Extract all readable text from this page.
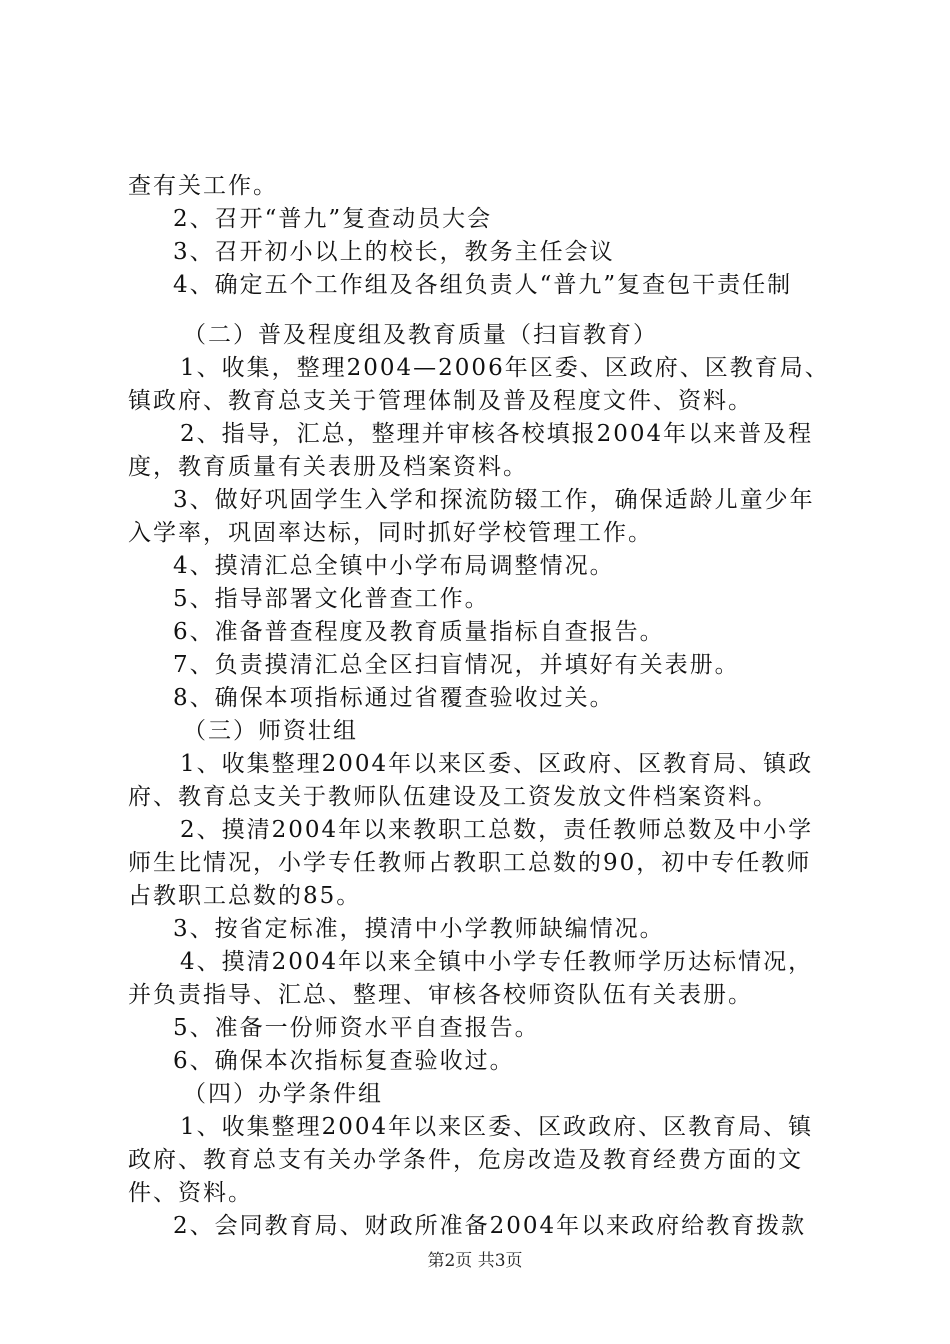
查有关工作。

2、召开“普九”复查动员大会

3、召开初小以上的校长，教务主任会议

4、确定五个工作组及各组负责人“普九”复查包干责任制

（二）普及程度组及教育质量（扫盲教育）

1、收集，整理2004—2006年区委、区政府、区教育局、

镇政府、教育总支关于管理体制及普及程度文件、资料。

2、指导，汇总，整理并审核各校填报2004年以来普及程

度，教育质量有关表册及档案资料。

3、做好巩固学生入学和探流防辍工作，确保适龄儿童少年

入学率，巩固率达标，同时抓好学校管理工作。

4、摸清汇总全镇中小学布局调整情况。

5、指导部署文化普查工作。

6、准备普查程度及教育质量指标自查报告。

7、负责摸清汇总全区扫盲情况，并填好有关表册。

8、确保本项指标通过省覆查验收过关。

（三）师资壮组

1、收集整理2004年以来区委、区政府、区教育局、镇政

府、教育总支关于教师队伍建设及工资发放文件档案资料。

2、摸清2004年以来教职工总数，责任教师总数及中小学

师生比情况，小学专任教师占教职工总数的90，初中专任教师

占教职工总数的85。

3、按省定标准，摸清中小学教师缺编情况。

4、摸清2004年以来全镇中小学专任教师学历达标情况，

并负责指导、汇总、整理、审核各校师资队伍有关表册。

5、准备一份师资水平自查报告。

6、确保本次指标复查验收过。

（四）办学条件组

1、收集整理2004年以来区委、区政政府、区教育局、镇

政府、教育总支有关办学条件，危房改造及教育经费方面的文

件、资料。

2、会同教育局、财政所准备2004年以来政府给教育拨款

第2页 共3页
